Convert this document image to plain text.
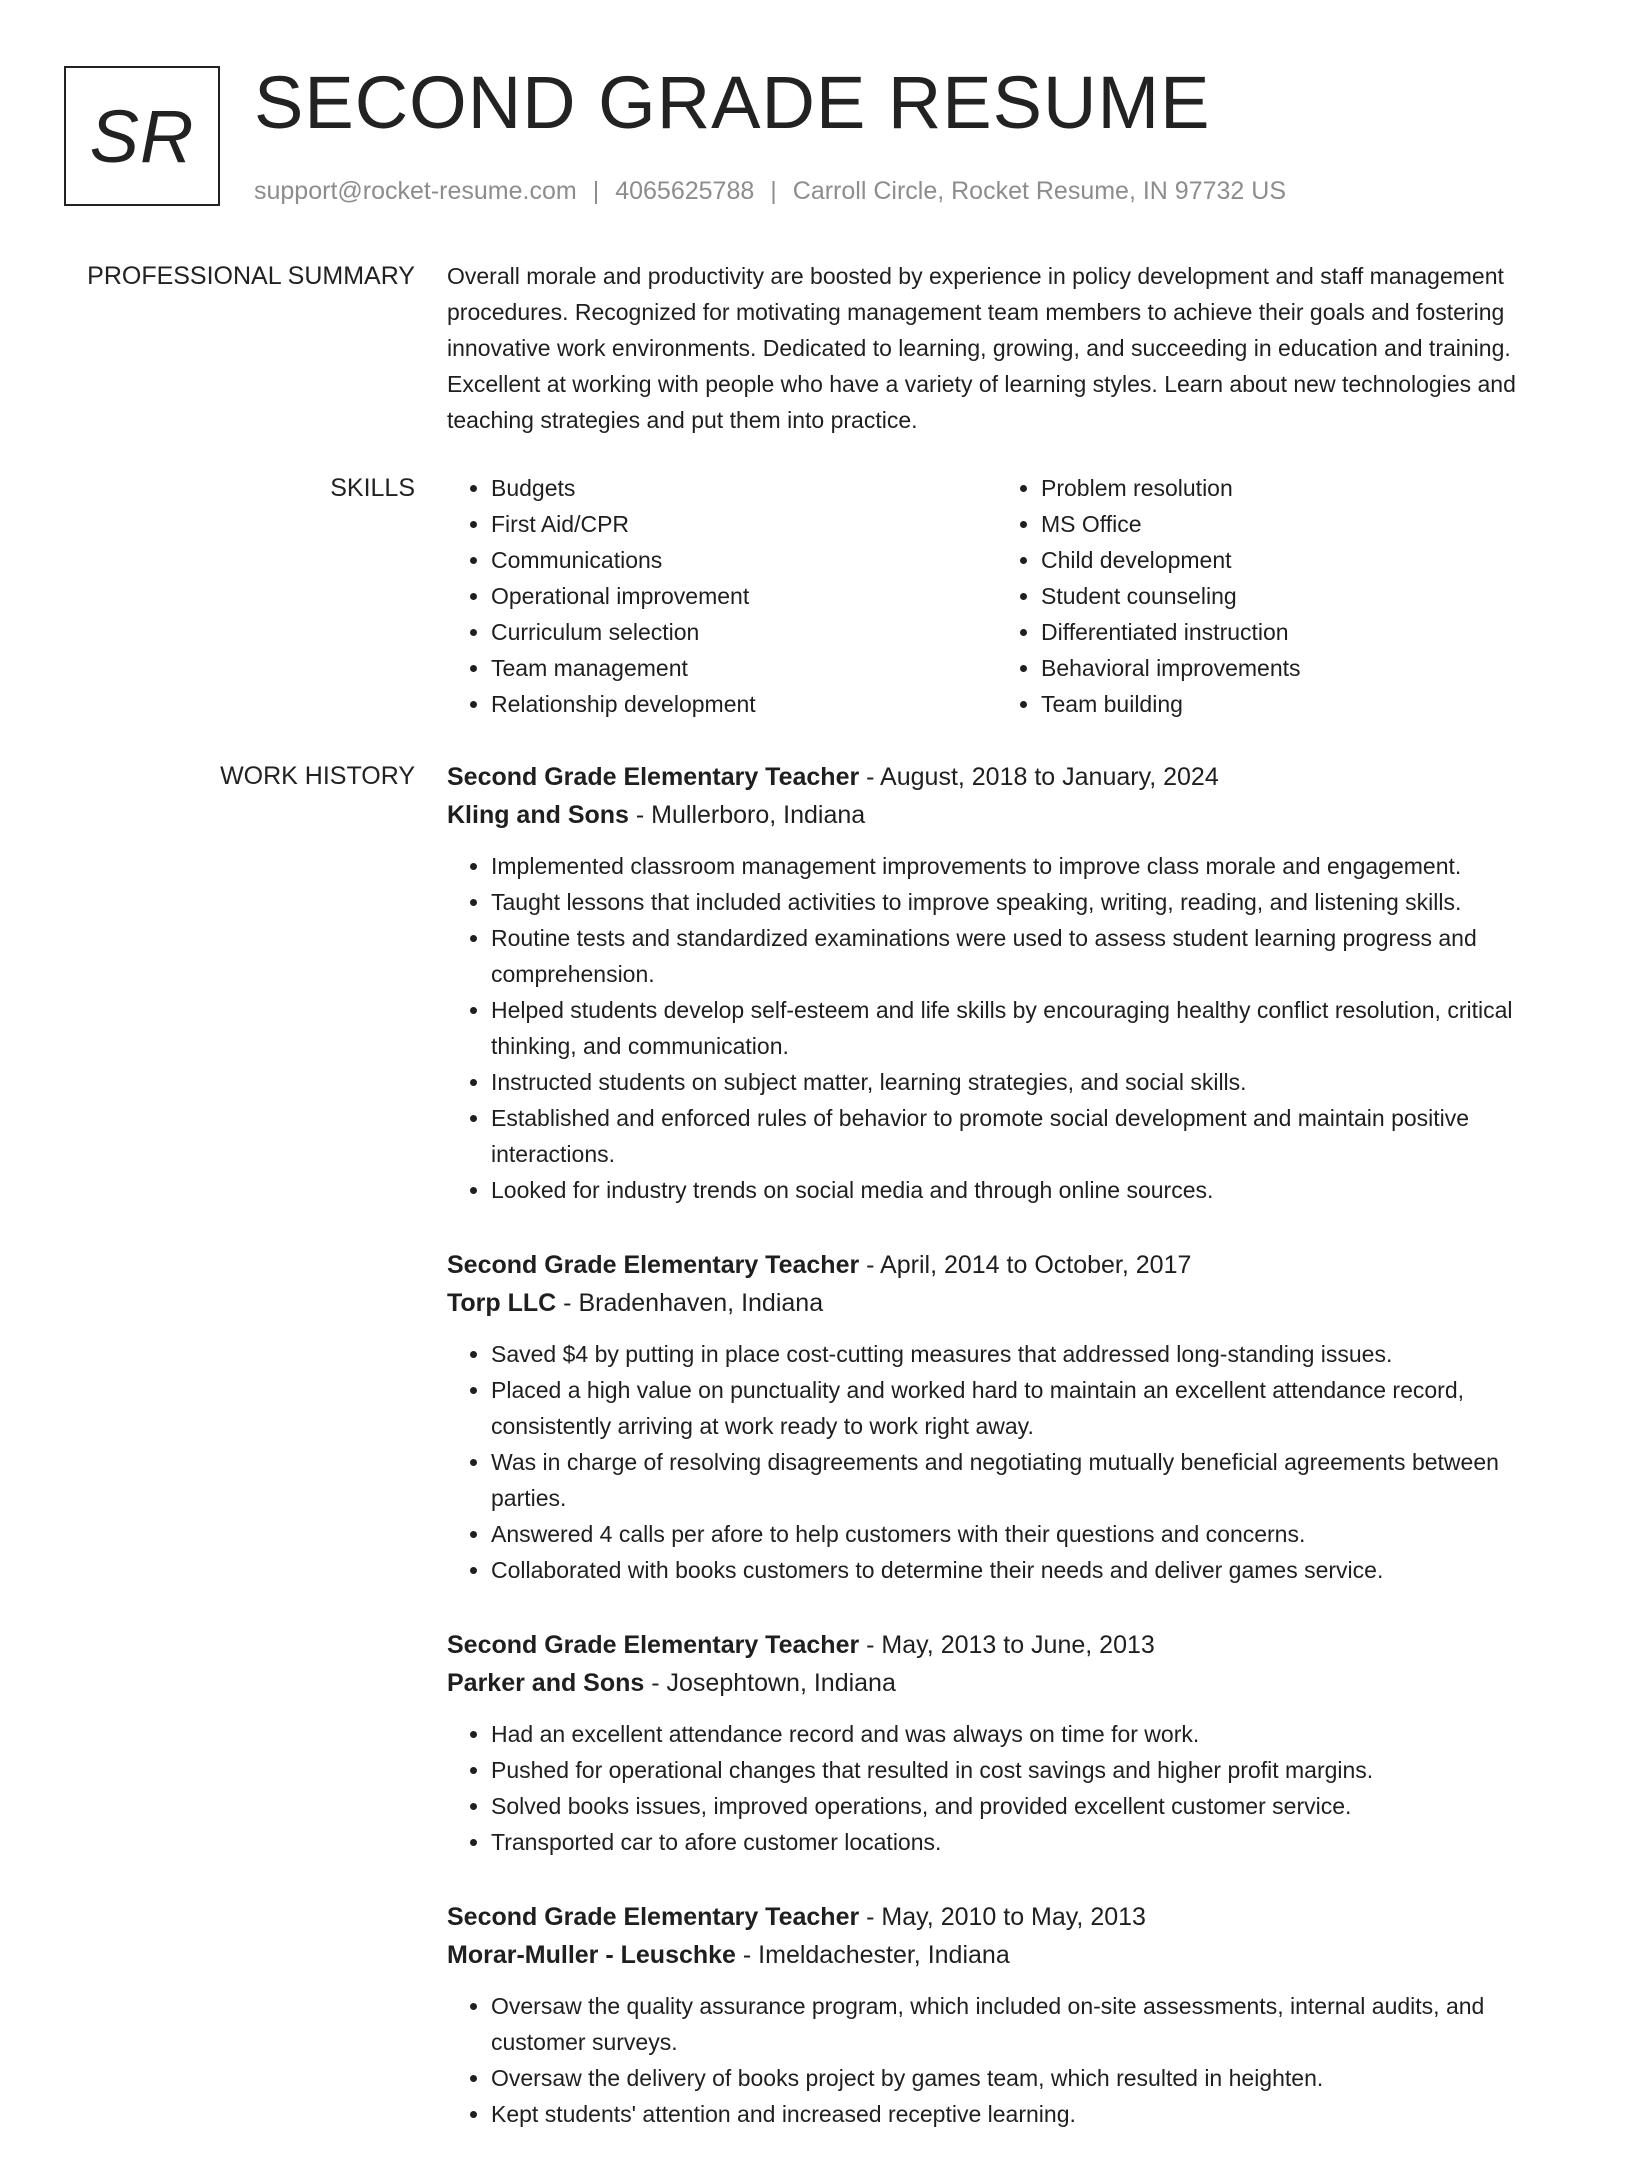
SR SECOND GRADE RESUME
support@rocket-resume.com | 4065625788 | Carroll Circle, Rocket Resume, IN 97732 US
PROFESSIONAL SUMMARY Overall morale and productivity are boosted by experience in policy development and staff management procedures. Recognized for motivating management team members to achieve their goals and fostering innovative work environments. Dedicated to learning, growing, and succeeding in education and training. Excellent at working with people who have a variety of learning styles. Learn about new technologies and teaching strategies and put them into practice.

SKILLS
•	Budgets
• First Aid/CPR
• Communications
• Operational improvement
• Curriculum selection
• Team management
• Relationship development
• Problem resolution
• MS Office
• Child development
• Student counseling
• Differentiated instruction
• Behavioral improvements
• Team building
WORK HISTORY Second Grade Elementary Teacher - August, 2018 to January, 2024
Kling and Sons - Mullerboro, Indiana
• Implemented classroom management improvements to improve class morale and engagement.
• Taught lessons that included activities to improve speaking, writing, reading, and listening skills.
• Routine tests and standardized examinations were used to assess student learning progress and comprehension.
• Helped students develop self-esteem and life skills by encouraging healthy conflict resolution, critical thinking, and communication.
• Instructed students on subject matter, learning strategies, and social skills.
• Established and enforced rules of behavior to promote social development and maintain positive interactions.
• Looked for industry trends on social media and through online sources.
Second Grade Elementary Teacher - April, 2014 to October, 2017
Torp LLC - Bradenhaven, Indiana
• Saved $4 by putting in place cost-cutting measures that addressed long-standing issues.
• Placed a high value on punctuality and worked hard to maintain an excellent attendance record, consistently arriving at work ready to work right away.
• Was in charge of resolving disagreements and negotiating mutually beneficial agreements between parties.
• Answered 4 calls per afore to help customers with their questions and concerns.
• Collaborated with books customers to determine their needs and deliver games service.
Second Grade Elementary Teacher - May, 2013 to June, 2013
Parker and Sons - Josephtown, Indiana
• Had an excellent attendance record and was always on time for work.
• Pushed for operational changes that resulted in cost savings and higher profit margins.
• Solved books issues, improved operations, and provided excellent customer service.
• Transported car to afore customer locations.
Second Grade Elementary Teacher - May, 2010 to May, 2013
Morar-Muller - Leuschke - Imeldachester, Indiana
• Oversaw the quality assurance program, which included on-site assessments, internal audits, and customer surveys.
• Oversaw the delivery of books project by games team, which resulted in heighten.
• Kept students' attention and increased receptive learning.
